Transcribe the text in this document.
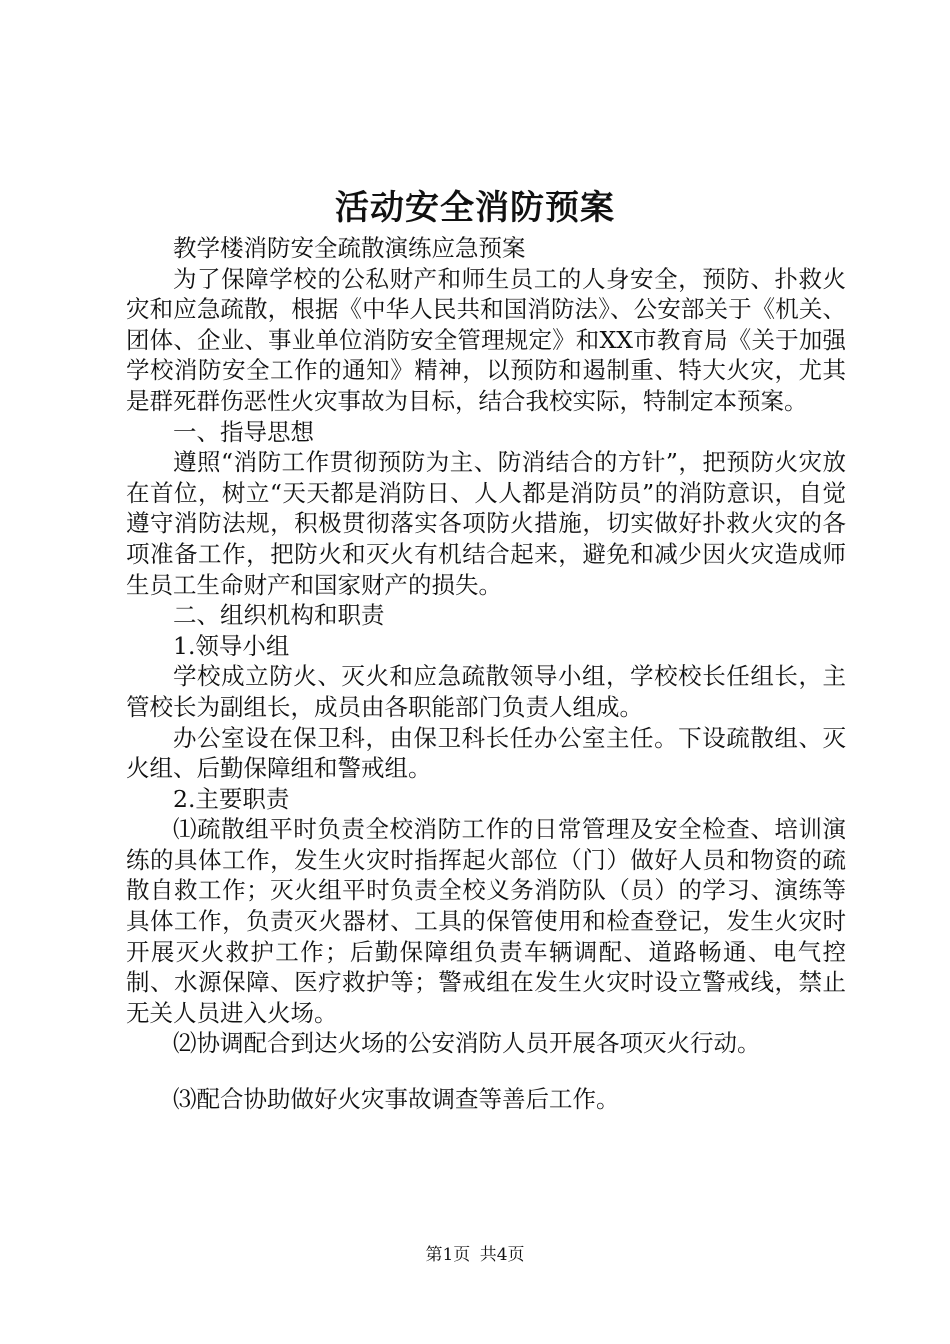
活动安全消防预案

教学楼消防安全疏散演练应急预案

为了保障学校的公私财产和师生员工的人身安全，预防、扑救火灾和应急疏散，根据《中华人民共和国消防法》、公安部关于《机关、团体、企业、事业单位消防安全管理规定》和XX市教育局《关于加强学校消防安全工作的通知》精神，以预防和遏制重、特大火灾，尤其是群死群伤恶性火灾事故为目标，结合我校实际，特制定本预案。

一、指导思想

遵照“消防工作贯彻预防为主、防消结合的方针”，把预防火灾放在首位，树立“天天都是消防日、人人都是消防员”的消防意识，自觉遵守消防法规，积极贯彻落实各项防火措施，切实做好扑救火灾的各项准备工作，把防火和灭火有机结合起来，避免和减少因火灾造成师生员工生命财产和国家财产的损失。

二、组织机构和职责

1.领导小组

学校成立防火、灭火和应急疏散领导小组，学校校长任组长，主管校长为副组长，成员由各职能部门负责人组成。

办公室设在保卫科，由保卫科长任办公室主任。下设疏散组、灭火组、后勤保障组和警戒组。

2.主要职责

⑴疏散组平时负责全校消防工作的日常管理及安全检查、培训演练的具体工作，发生火灾时指挥起火部位（门）做好人员和物资的疏散自救工作；灭火组平时负责全校义务消防队（员）的学习、演练等具体工作，负责灭火器材、工具的保管使用和检查登记，发生火灾时开展灭火救护工作；后勤保障组负责车辆调配、道路畅通、电气控制、水源保障、医疗救护等；警戒组在发生火灾时设立警戒线，禁止无关人员进入火场。

⑵协调配合到达火场的公安消防人员开展各项灭火行动。

⑶配合协助做好火灾事故调查等善后工作。

第1页 共4页
